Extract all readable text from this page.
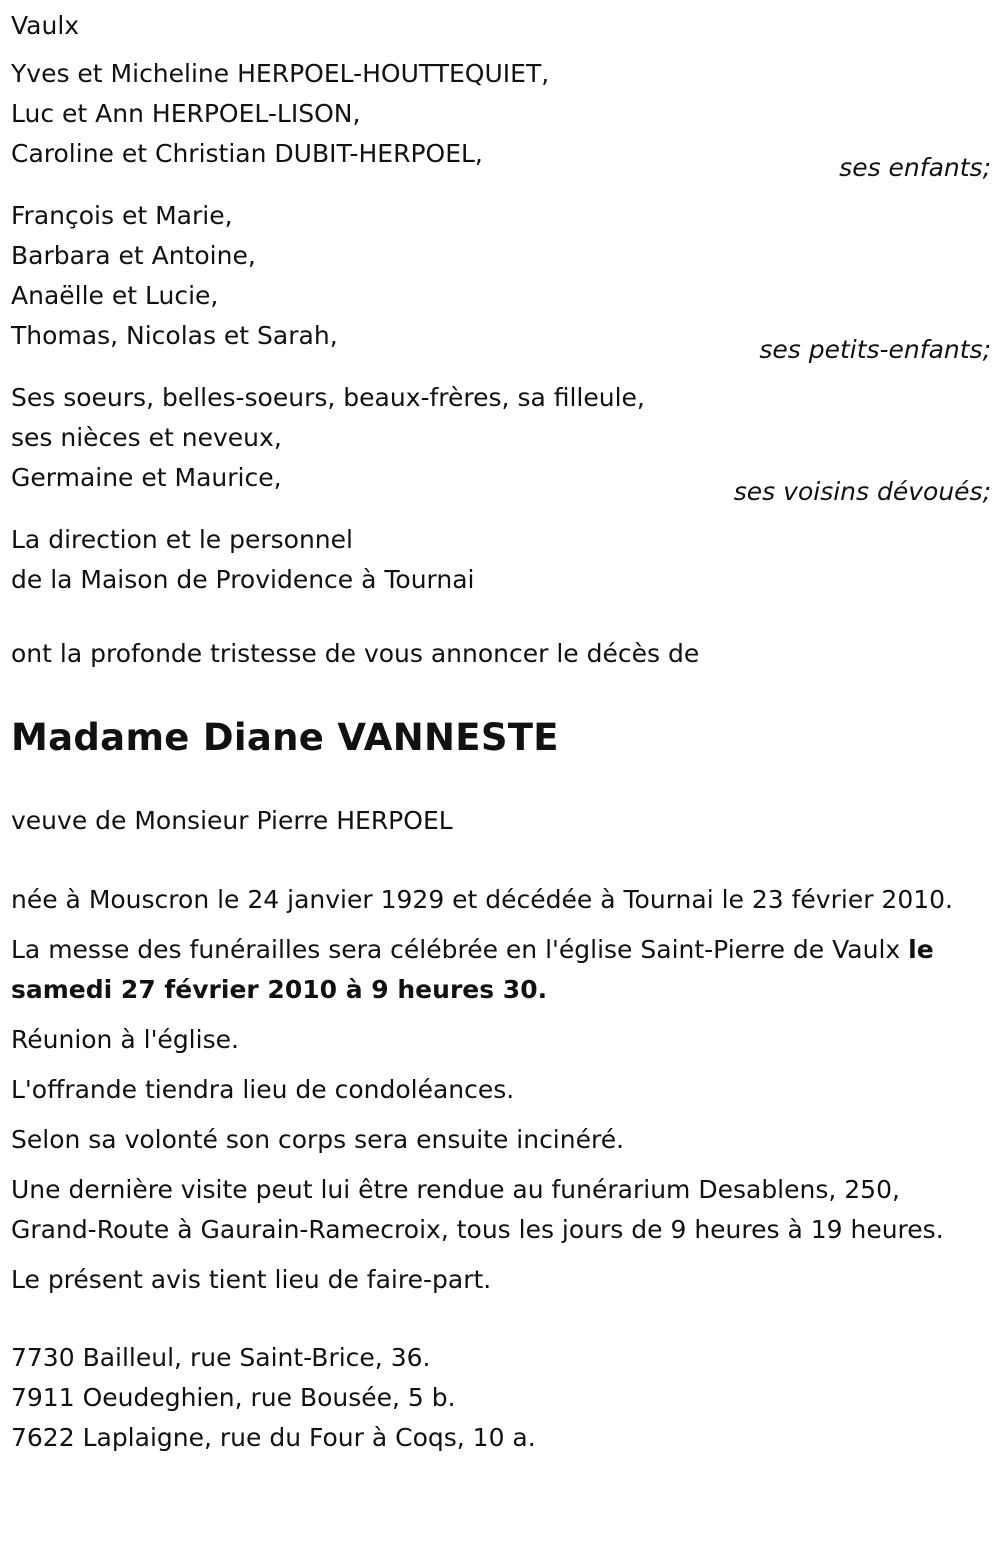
Vaulx
Yves et Micheline HERPOEL-HOUTTEQUIET,
Luc et Ann HERPOEL-LISON,
Caroline et Christian DUBIT-HERPOEL,	ses enfants;
François et Marie,
Barbara et Antoine,
Anaëlle et Lucie,
Thomas, Nicolas et Sarah,	ses petits-enfants;
Ses soeurs, belles-soeurs, beaux-frères, sa filleule,
ses nièces et neveux,
Germaine et Maurice,	ses voisins dévoués;
La direction et le personnel
de la Maison de Providence à Tournai
ont la profonde tristesse de vous annoncer le décès de
Madame Diane VANNESTE
veuve de Monsieur Pierre HERPOEL

née à Mouscron le 24 janvier 1929 et décédée à Tournai le 23 février 2010.

La messe des funérailles sera célébrée en l'église Saint-Pierre de Vaulx le samedi 27 février 2010 à 9 heures 30.

Réunion à l'église.

L'offrande tiendra lieu de condoléances.

Selon sa volonté son corps sera ensuite incinéré.

Une dernière visite peut lui être rendue au funérarium Desablens, 250, Grand-Route à Gaurain-Ramecroix, tous les jours de 9 heures à 19 heures.

Le présent avis tient lieu de faire-part.

7730 Bailleul, rue Saint-Brice, 36.
7911 Oeudeghien, rue Bousée, 5 b.
7622 Laplaigne, rue du Four à Coqs, 10 a.
